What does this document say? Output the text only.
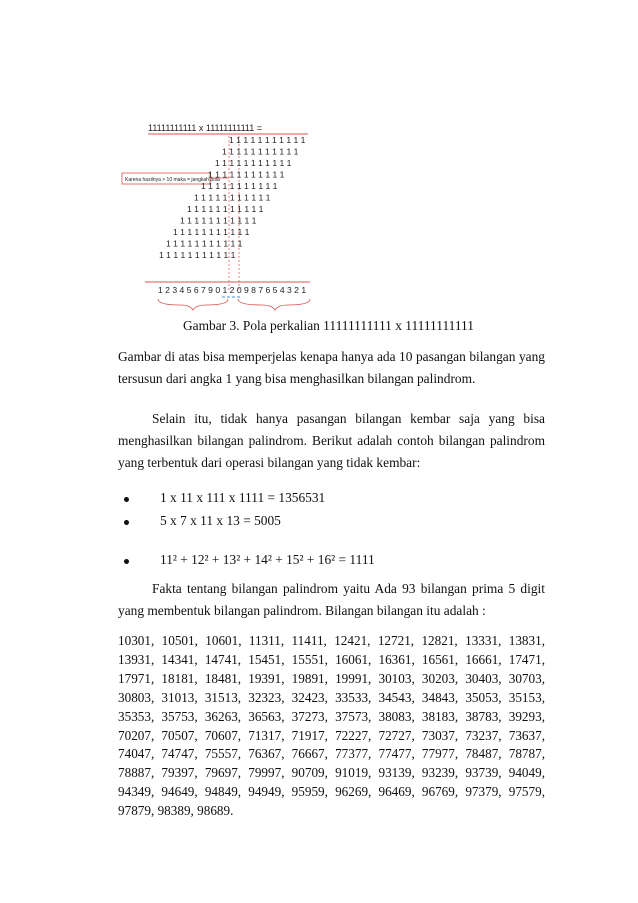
11111111111 x 11111111111 =
Karena hasilnya > 10 maka = jangkah pola
1 1 1 1 1 1 1 1 1 1 1
1 1 1 1 1 1 1 1 1 1 1
1 1 1 1 1 1 1 1 1 1 1
1 1 1 1 1 1 1 1 1 1 1
1 1 1 1 1 1 1 1 1 1 1
1 1 1 1 1 1 1 1 1 1 1
1 1 1 1 1 1 1 1 1 1 1
1 1 1 1 1 1 1 1 1 1 1
1 1 1 1 1 1 1 1 1 1 1
1 1 1 1 1 1 1 1 1 1 1
1 1 1 1 1 1 1 1 1 1 1
1 2 3 4 5 6 7 9 0 1 2 0 9 8 7 6 5 4 3 2 1

Gambar 3. Pola perkalian 11111111111 x 11111111111

Gambar di atas bisa memperjelas kenapa hanya ada 10 pasangan bilangan yang tersusun dari angka 1 yang bisa menghasilkan bilangan palindrom.

Selain itu, tidak hanya pasangan bilangan kembar saja yang bisa menghasilkan bilangan palindrom. Berikut adalah contoh bilangan palindrom yang terbentuk dari operasi bilangan yang tidak kembar:

1 x 11 x 111 x 1111 = 1356531
5 x 7 x 11 x 13 = 5005
11² + 12² + 13² + 14² + 15² + 16² = 1111

Fakta tentang bilangan palindrom yaitu Ada 93 bilangan prima 5 digit yang membentuk bilangan palindrom. Bilangan bilangan itu adalah :

10301, 10501, 10601, 11311, 11411, 12421, 12721, 12821, 13331, 13831, 13931, 14341, 14741, 15451, 15551, 16061, 16361, 16561, 16661, 17471, 17971, 18181, 18481, 19391, 19891, 19991, 30103, 30203, 30403, 30703, 30803, 31013, 31513, 32323, 32423, 33533, 34543, 34843, 35053, 35153, 35353, 35753, 36263, 36563, 37273, 37573, 38083, 38183, 38783, 39293, 70207, 70507, 70607, 71317, 71917, 72227, 72727, 73037, 73237, 73637, 74047, 74747, 75557, 76367, 76667, 77377, 77477, 77977, 78487, 78787, 78887, 79397, 79697, 79997, 90709, 91019, 93139, 93239, 93739, 94049, 94349, 94649, 94849, 94949, 95959, 96269, 96469, 96769, 97379, 97579, 97879, 98389, 98689.
